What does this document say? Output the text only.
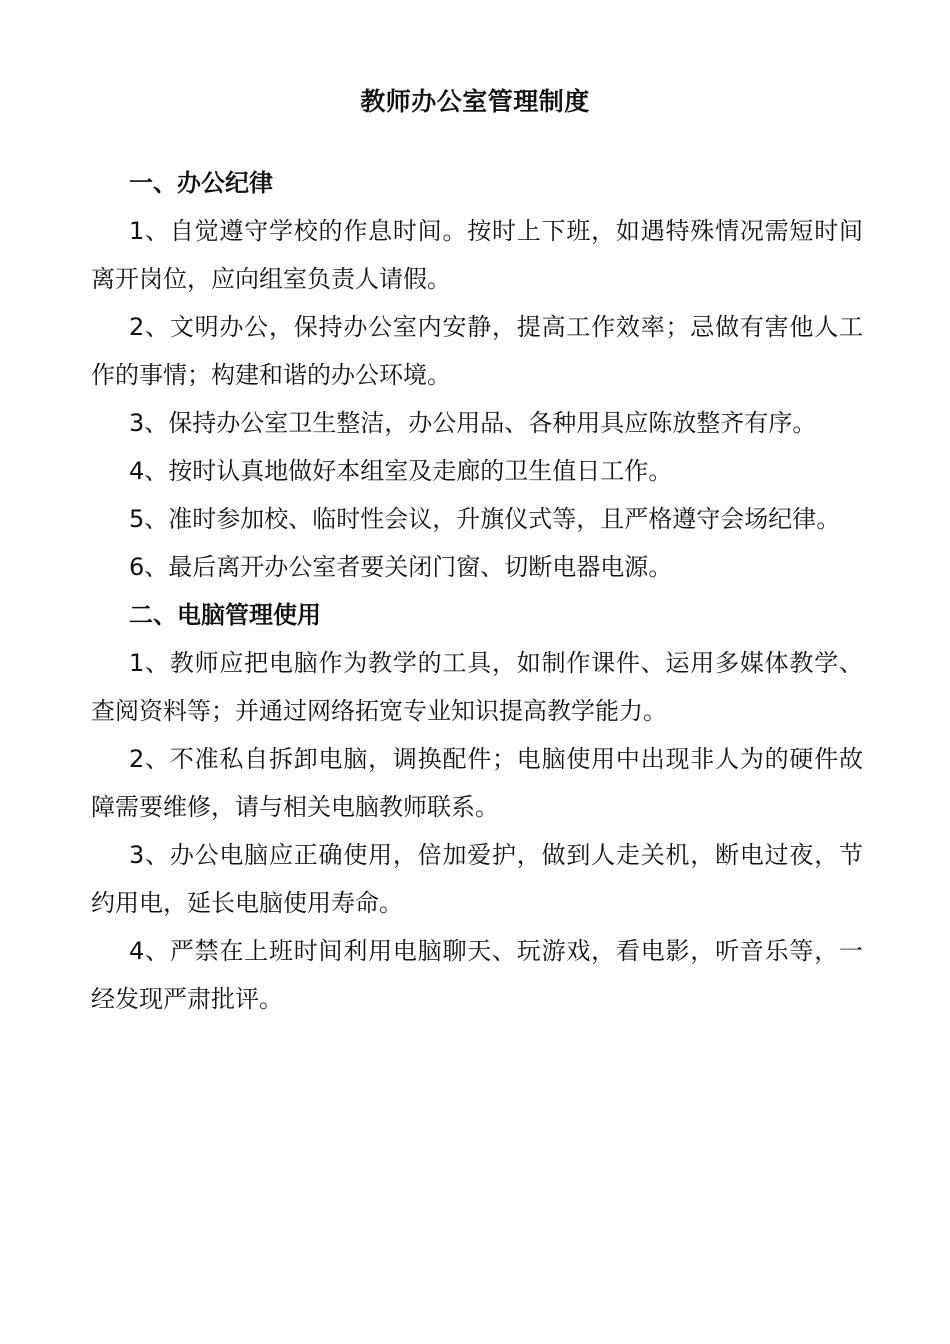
教师办公室管理制度
一、办公纪律

1、自觉遵守学校的作息时间。按时上下班，如遇特殊情况需短时间离开岗位，应向组室负责人请假。

2、文明办公，保持办公室内安静，提高工作效率；忌做有害他人工作的事情；构建和谐的办公环境。

3、保持办公室卫生整洁，办公用品、各种用具应陈放整齐有序。

4、按时认真地做好本组室及走廊的卫生值日工作。

5、准时参加校、临时性会议，升旗仪式等，且严格遵守会场纪律。

6、最后离开办公室者要关闭门窗、切断电器电源。

二、电脑管理使用

1、教师应把电脑作为教学的工具，如制作课件、运用多媒体教学、查阅资料等；并通过网络拓宽专业知识提高教学能力。

2、不准私自拆卸电脑，调换配件；电脑使用中出现非人为的硬件故障需要维修，请与相关电脑教师联系。

3、办公电脑应正确使用，倍加爱护，做到人走关机，断电过夜，节约用电，延长电脑使用寿命。

4、严禁在上班时间利用电脑聊天、玩游戏，看电影，听音乐等，一经发现严肃批评。
